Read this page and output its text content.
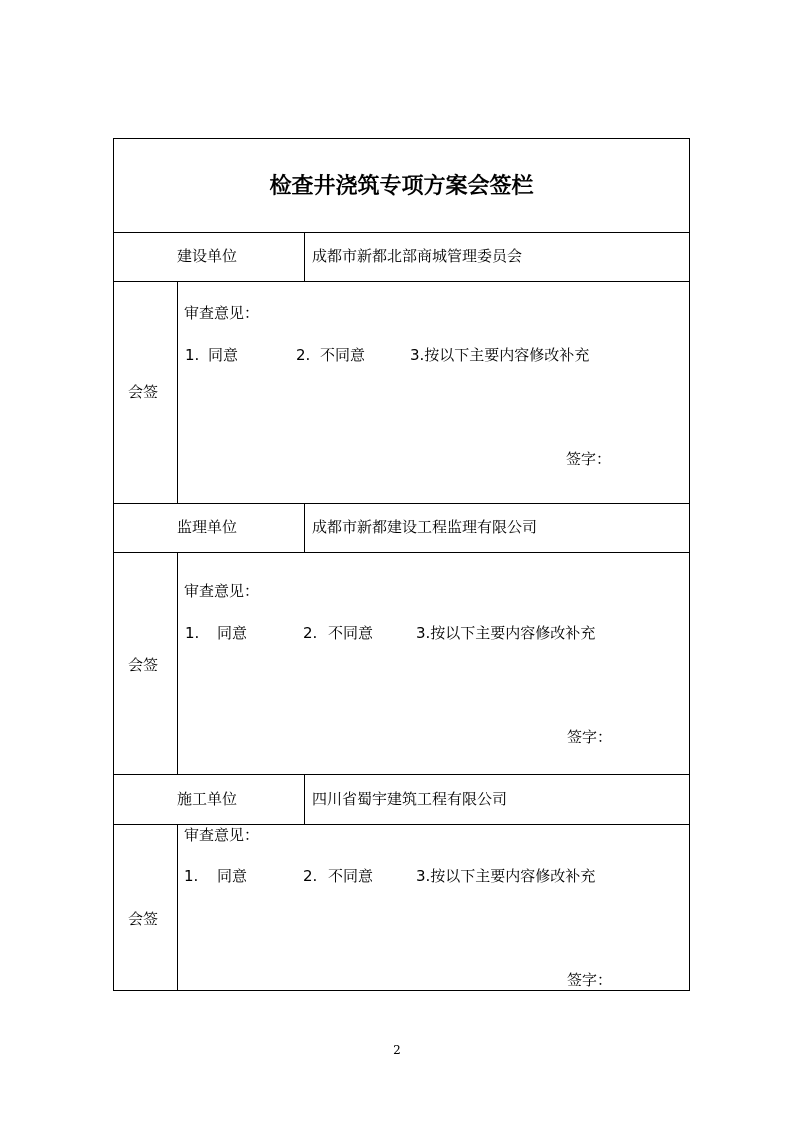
检查井浇筑专项方案会签栏
建设单位	成都市新都北部商城管理委员会
会签
审查意见：
1. 同意	2. 不同意	3.按以下主要内容修改补充
签字：
监理单位	成都市新都建设工程监理有限公司
会签
审查意见：
1. 同意	2. 不同意	3.按以下主要内容修改补充
签字：
施工单位	四川省蜀宇建筑工程有限公司
会签
审查意见：
1. 同意	2. 不同意	3.按以下主要内容修改补充
签字：
2
